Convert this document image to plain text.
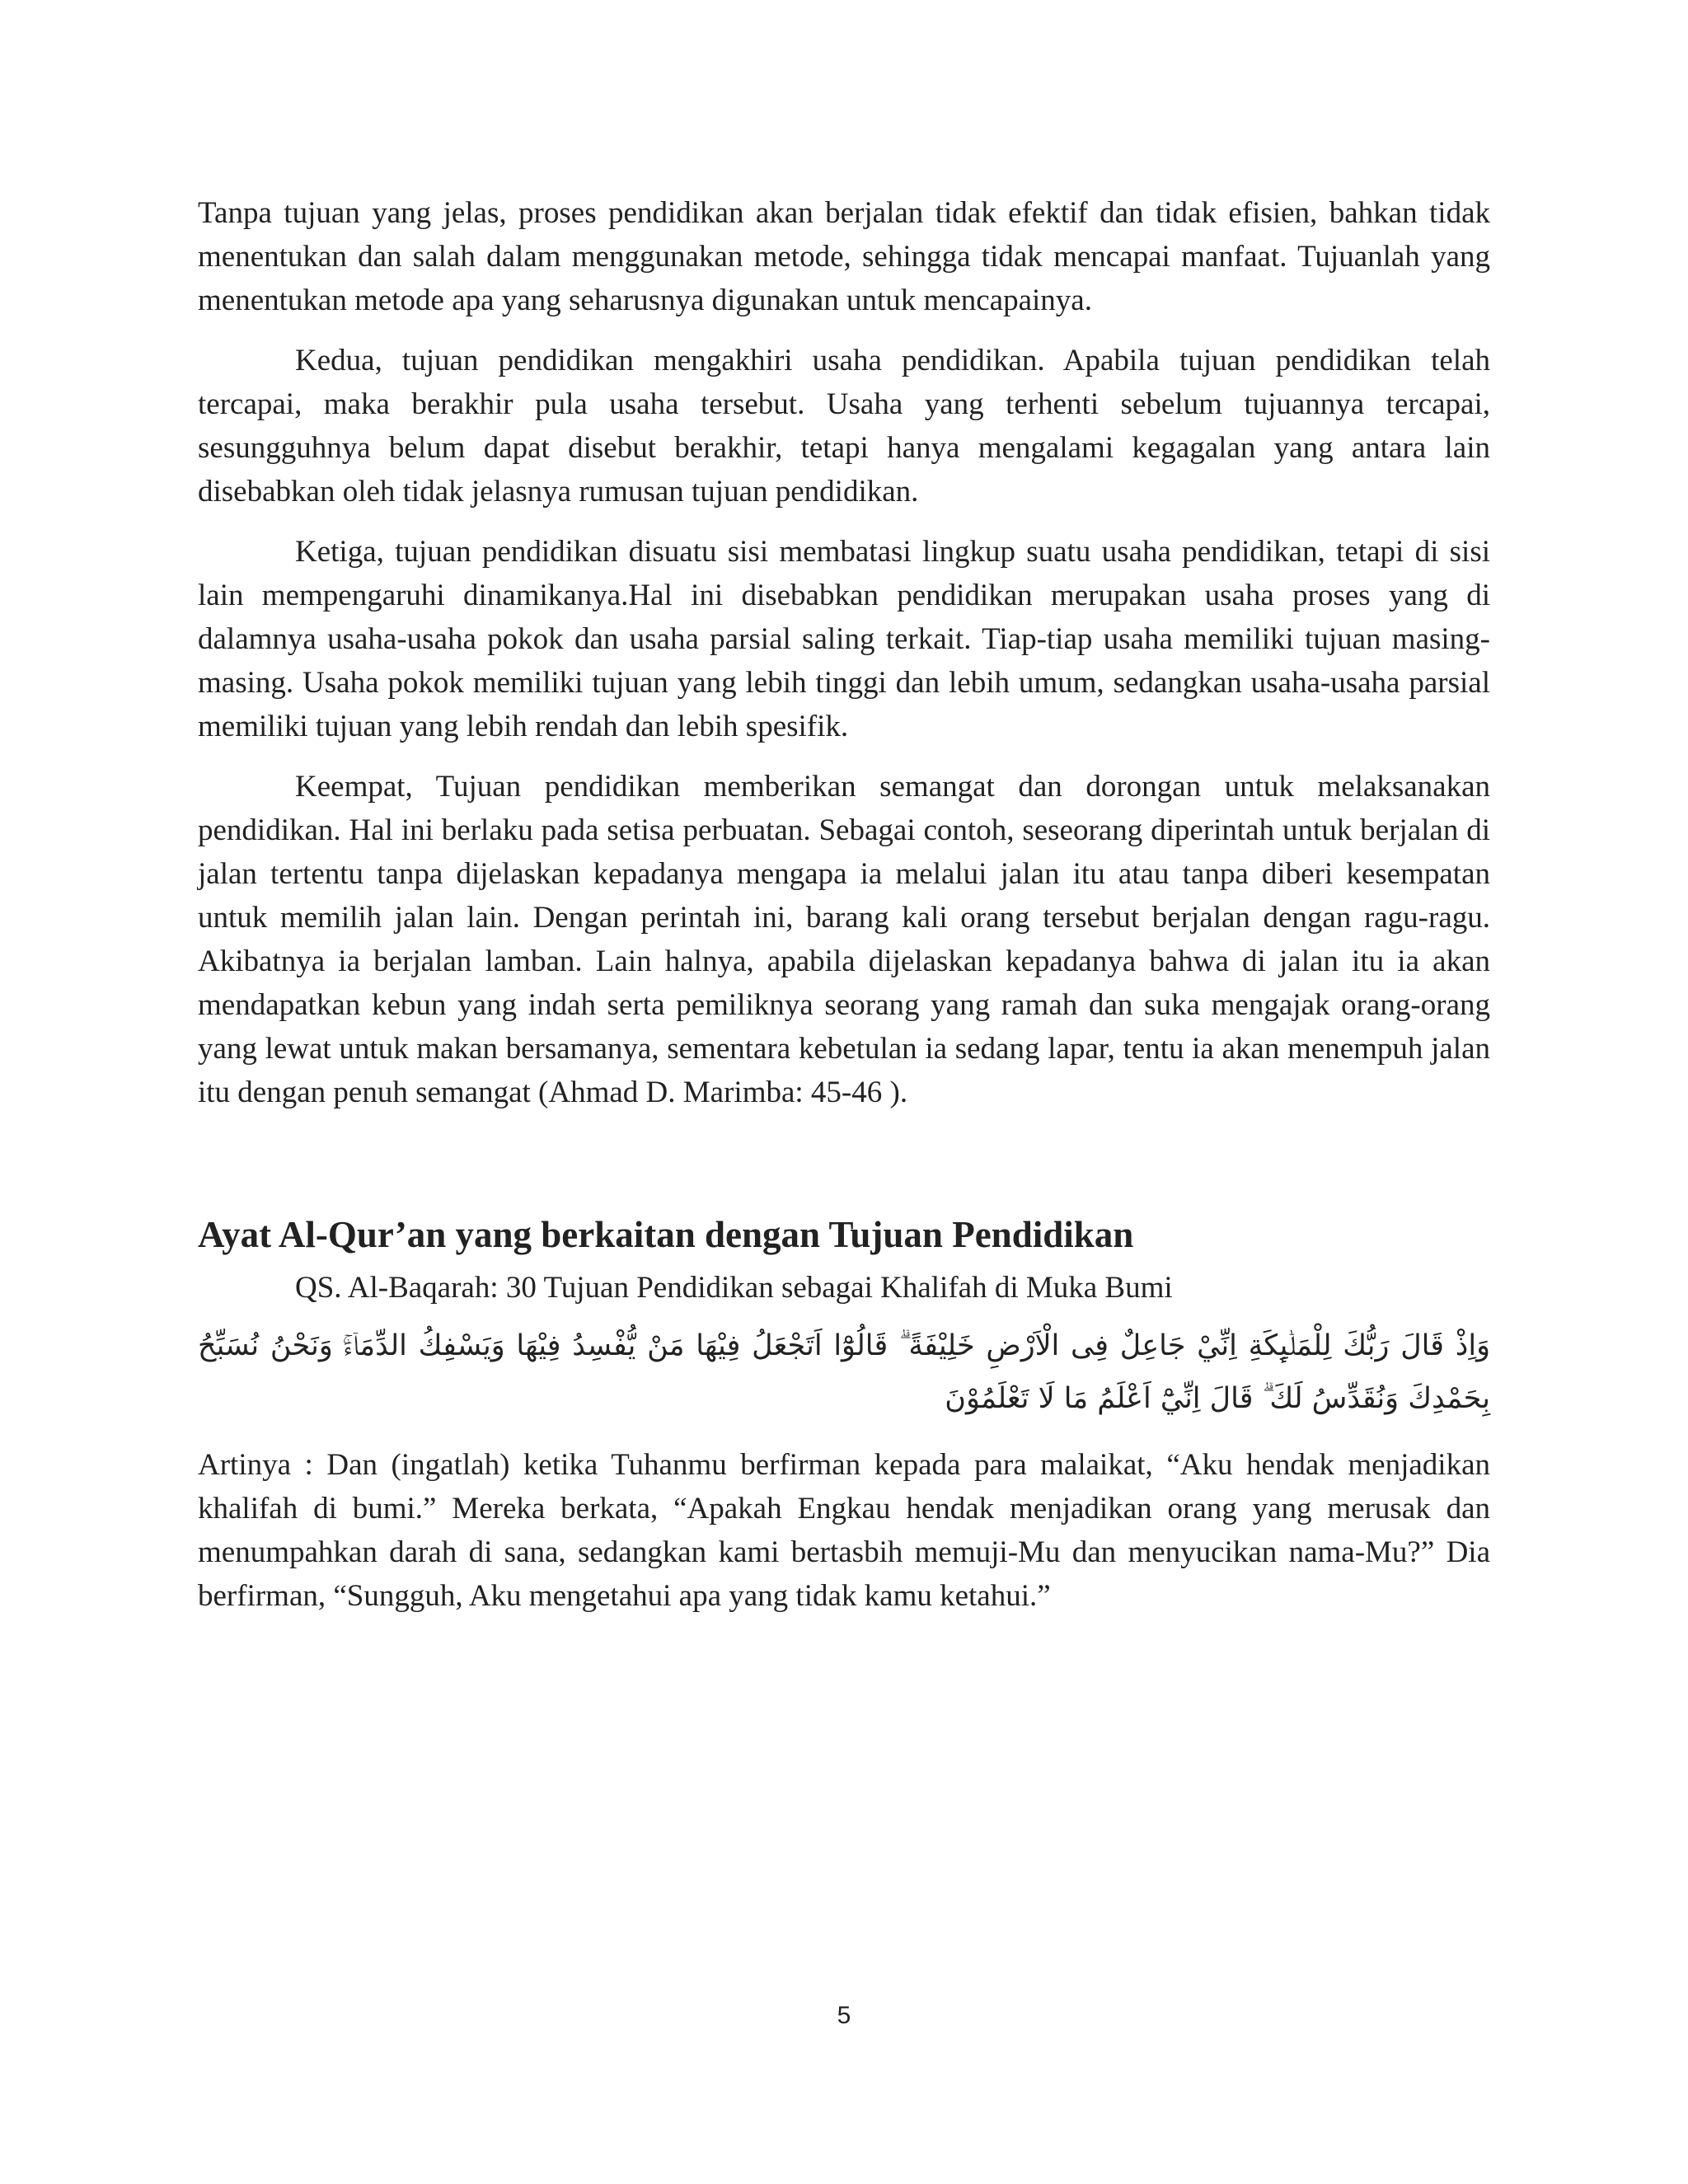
Tanpa tujuan yang jelas, proses pendidikan akan berjalan tidak efektif dan tidak efisien, bahkan tidak menentukan dan salah dalam menggunakan metode, sehingga tidak mencapai manfaat. Tujuanlah yang menentukan metode apa yang seharusnya digunakan untuk mencapainya.

Kedua, tujuan pendidikan mengakhiri usaha pendidikan. Apabila tujuan pendidikan telah tercapai, maka berakhir pula usaha tersebut. Usaha yang terhenti sebelum tujuannya tercapai, sesungguhnya belum dapat disebut berakhir, tetapi hanya mengalami kegagalan yang antara lain disebabkan oleh tidak jelasnya rumusan tujuan pendidikan.

Ketiga, tujuan pendidikan disuatu sisi membatasi lingkup suatu usaha pendidikan, tetapi di sisi lain mempengaruhi dinamikanya.Hal ini disebabkan pendidikan merupakan usaha proses yang di dalamnya usaha-usaha pokok dan usaha parsial saling terkait. Tiap-tiap usaha memiliki tujuan masing-masing. Usaha pokok memiliki tujuan yang lebih tinggi dan lebih umum, sedangkan usaha-usaha parsial memiliki tujuan yang lebih rendah dan lebih spesifik.

Keempat, Tujuan pendidikan memberikan semangat dan dorongan untuk melaksanakan pendidikan. Hal ini berlaku pada setisa perbuatan. Sebagai contoh, seseorang diperintah untuk berjalan di jalan tertentu tanpa dijelaskan kepadanya mengapa ia melalui jalan itu atau tanpa diberi kesempatan untuk memilih jalan lain. Dengan perintah ini, barang kali orang tersebut berjalan dengan ragu-ragu. Akibatnya ia berjalan lamban. Lain halnya, apabila dijelaskan kepadanya bahwa di jalan itu ia akan mendapatkan kebun yang indah serta pemiliknya seorang yang ramah dan suka mengajak orang-orang yang lewat untuk makan bersamanya, sementara kebetulan ia sedang lapar, tentu ia akan menempuh jalan itu dengan penuh semangat (Ahmad D. Marimba: 45-46 ).

Ayat Al-Qur’an yang berkaitan dengan Tujuan Pendidikan

QS. Al-Baqarah: 30 Tujuan Pendidikan sebagai Khalifah di Muka Bumi

وَاِذْ قَالَ رَبُّكَ لِلْمَلٰۤىِٕكَةِ اِنِّيْ جَاعِلٌ فِى الْاَرْضِ خَلِيْفَةً ۗ قَالُوْٓا اَتَجْعَلُ فِيْهَا مَنْ يُّفْسِدُ فِيْهَا وَيَسْفِكُ الدِّمَاۤءَۚ وَنَحْنُ نُسَبِّحُ بِحَمْدِكَ وَنُقَدِّسُ لَكَ ۗ قَالَ اِنِّيْٓ اَعْلَمُ مَا لَا تَعْلَمُوْنَ

Artinya : Dan (ingatlah) ketika Tuhanmu berfirman kepada para malaikat, “Aku hendak menjadikan khalifah di bumi.” Mereka berkata, “Apakah Engkau hendak menjadikan orang yang merusak dan menumpahkan darah di sana, sedangkan kami bertasbih memuji-Mu dan menyucikan nama-Mu?” Dia berfirman, “Sungguh, Aku mengetahui apa yang tidak kamu ketahui.”

5
